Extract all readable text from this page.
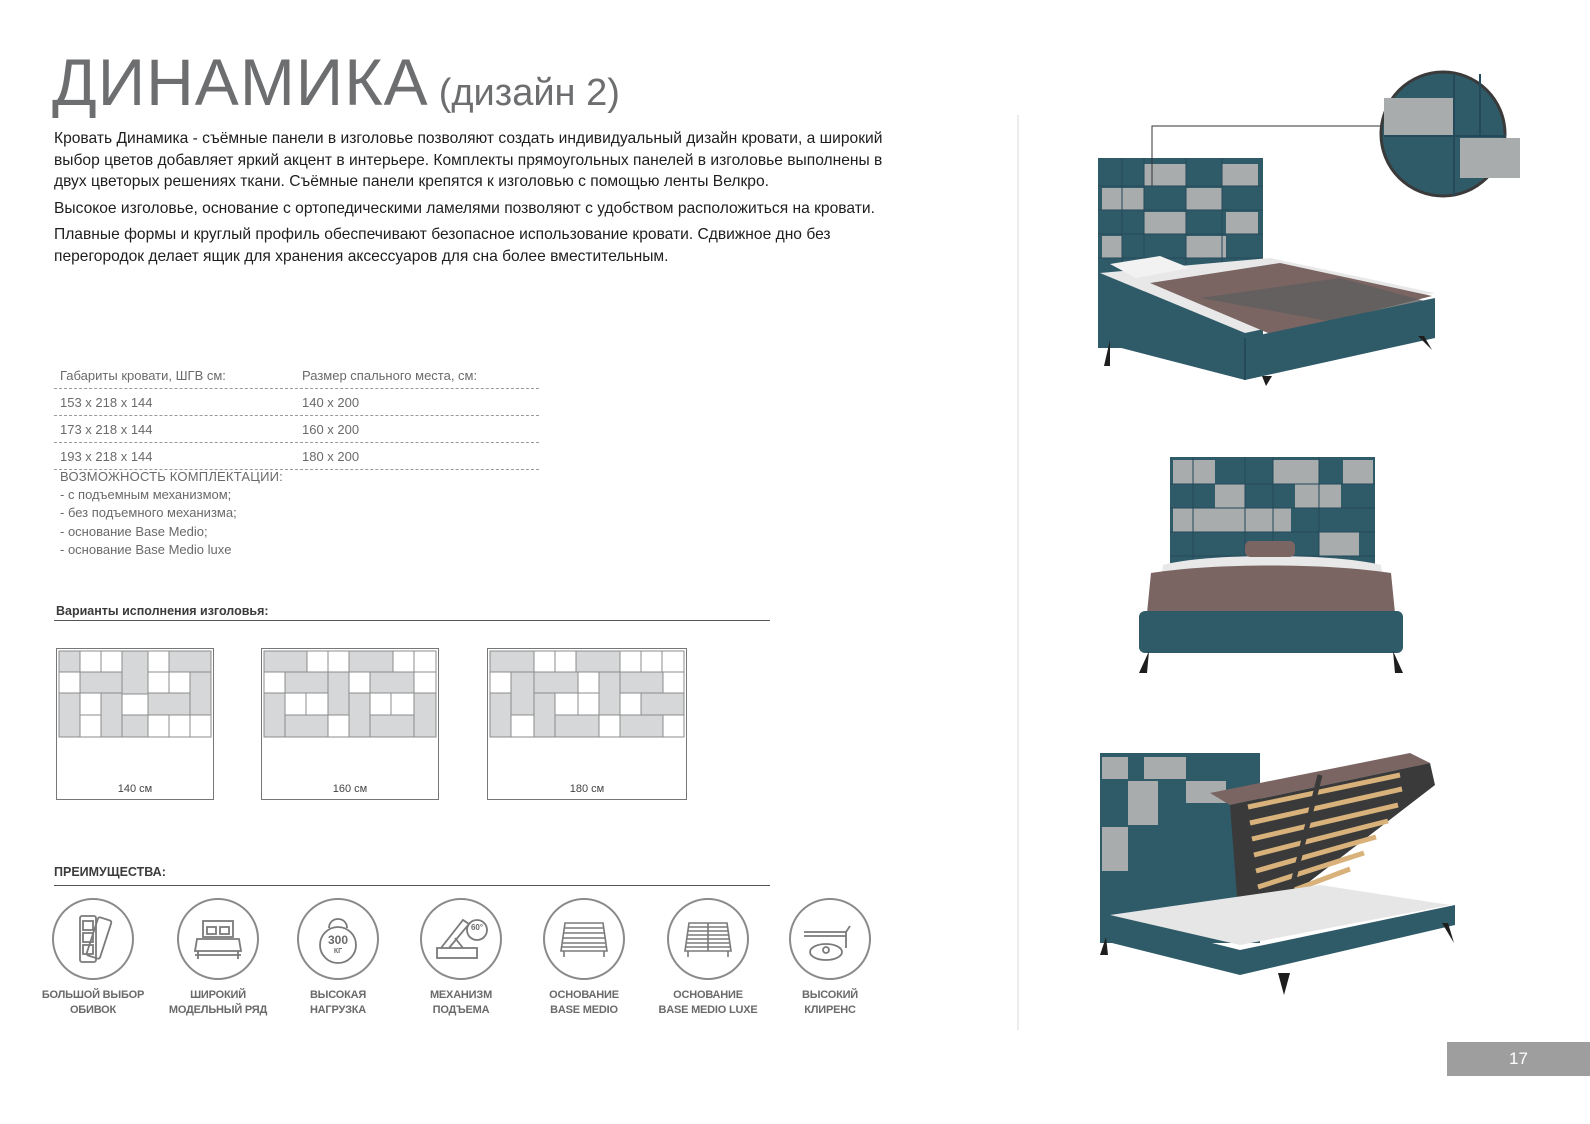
ДИНАМИКА (дизайн 2)

Кровать Динамика - съёмные панели в изголовье позволяют создать индивидуальный дизайн кровати, а широкий выбор цветов добавляет яркий акцент в интерьере. Комплекты прямоугольных панелей в изголовье выполнены в двух цветорых решениях ткани. Съёмные панели крепятся к изголовью с помощью ленты Велкро.

Высокое изголовье, основание с ортопедическими ламелями позволяют с удобством расположиться на кровати.

Плавные формы и круглый профиль обеспечивают безопасное использование кровати. Сдвижное дно без перегородок делает ящик для хранения аксессуаров для сна более вместительным.

Габариты кровати, ШГВ см:	Размер спального места, см:
153 x 218 x 144	140 x 200
173 x 218 x 144	160 x 200
193 x 218 x 144	180 x 200
ВОЗМОЖНОСТЬ КОМПЛЕКТАЦИИ:
- с подъемным механизмом;
- без подъемного механизма;
- основание Base Medio;
- основание Base Medio luxe
Варианты исполнения изголовья:
140 см	160 см	180 см
ПРЕИМУЩЕСТВА:
БОЛЬШОЙ ВЫБОР
ОБИВОК
ШИРОКИЙ
МОДЕЛЬНЫЙ РЯД
300
КГ
ВЫСОКАЯ
НАГРУЗКА
60°
МЕХАНИЗМ
ПОДЪЕМА
ОСНОВАНИЕ
BASE MEDIO
ОСНОВАНИЕ
BASE MEDIO LUXE
ВЫСОКИЙ
КЛИРЕНС
17
